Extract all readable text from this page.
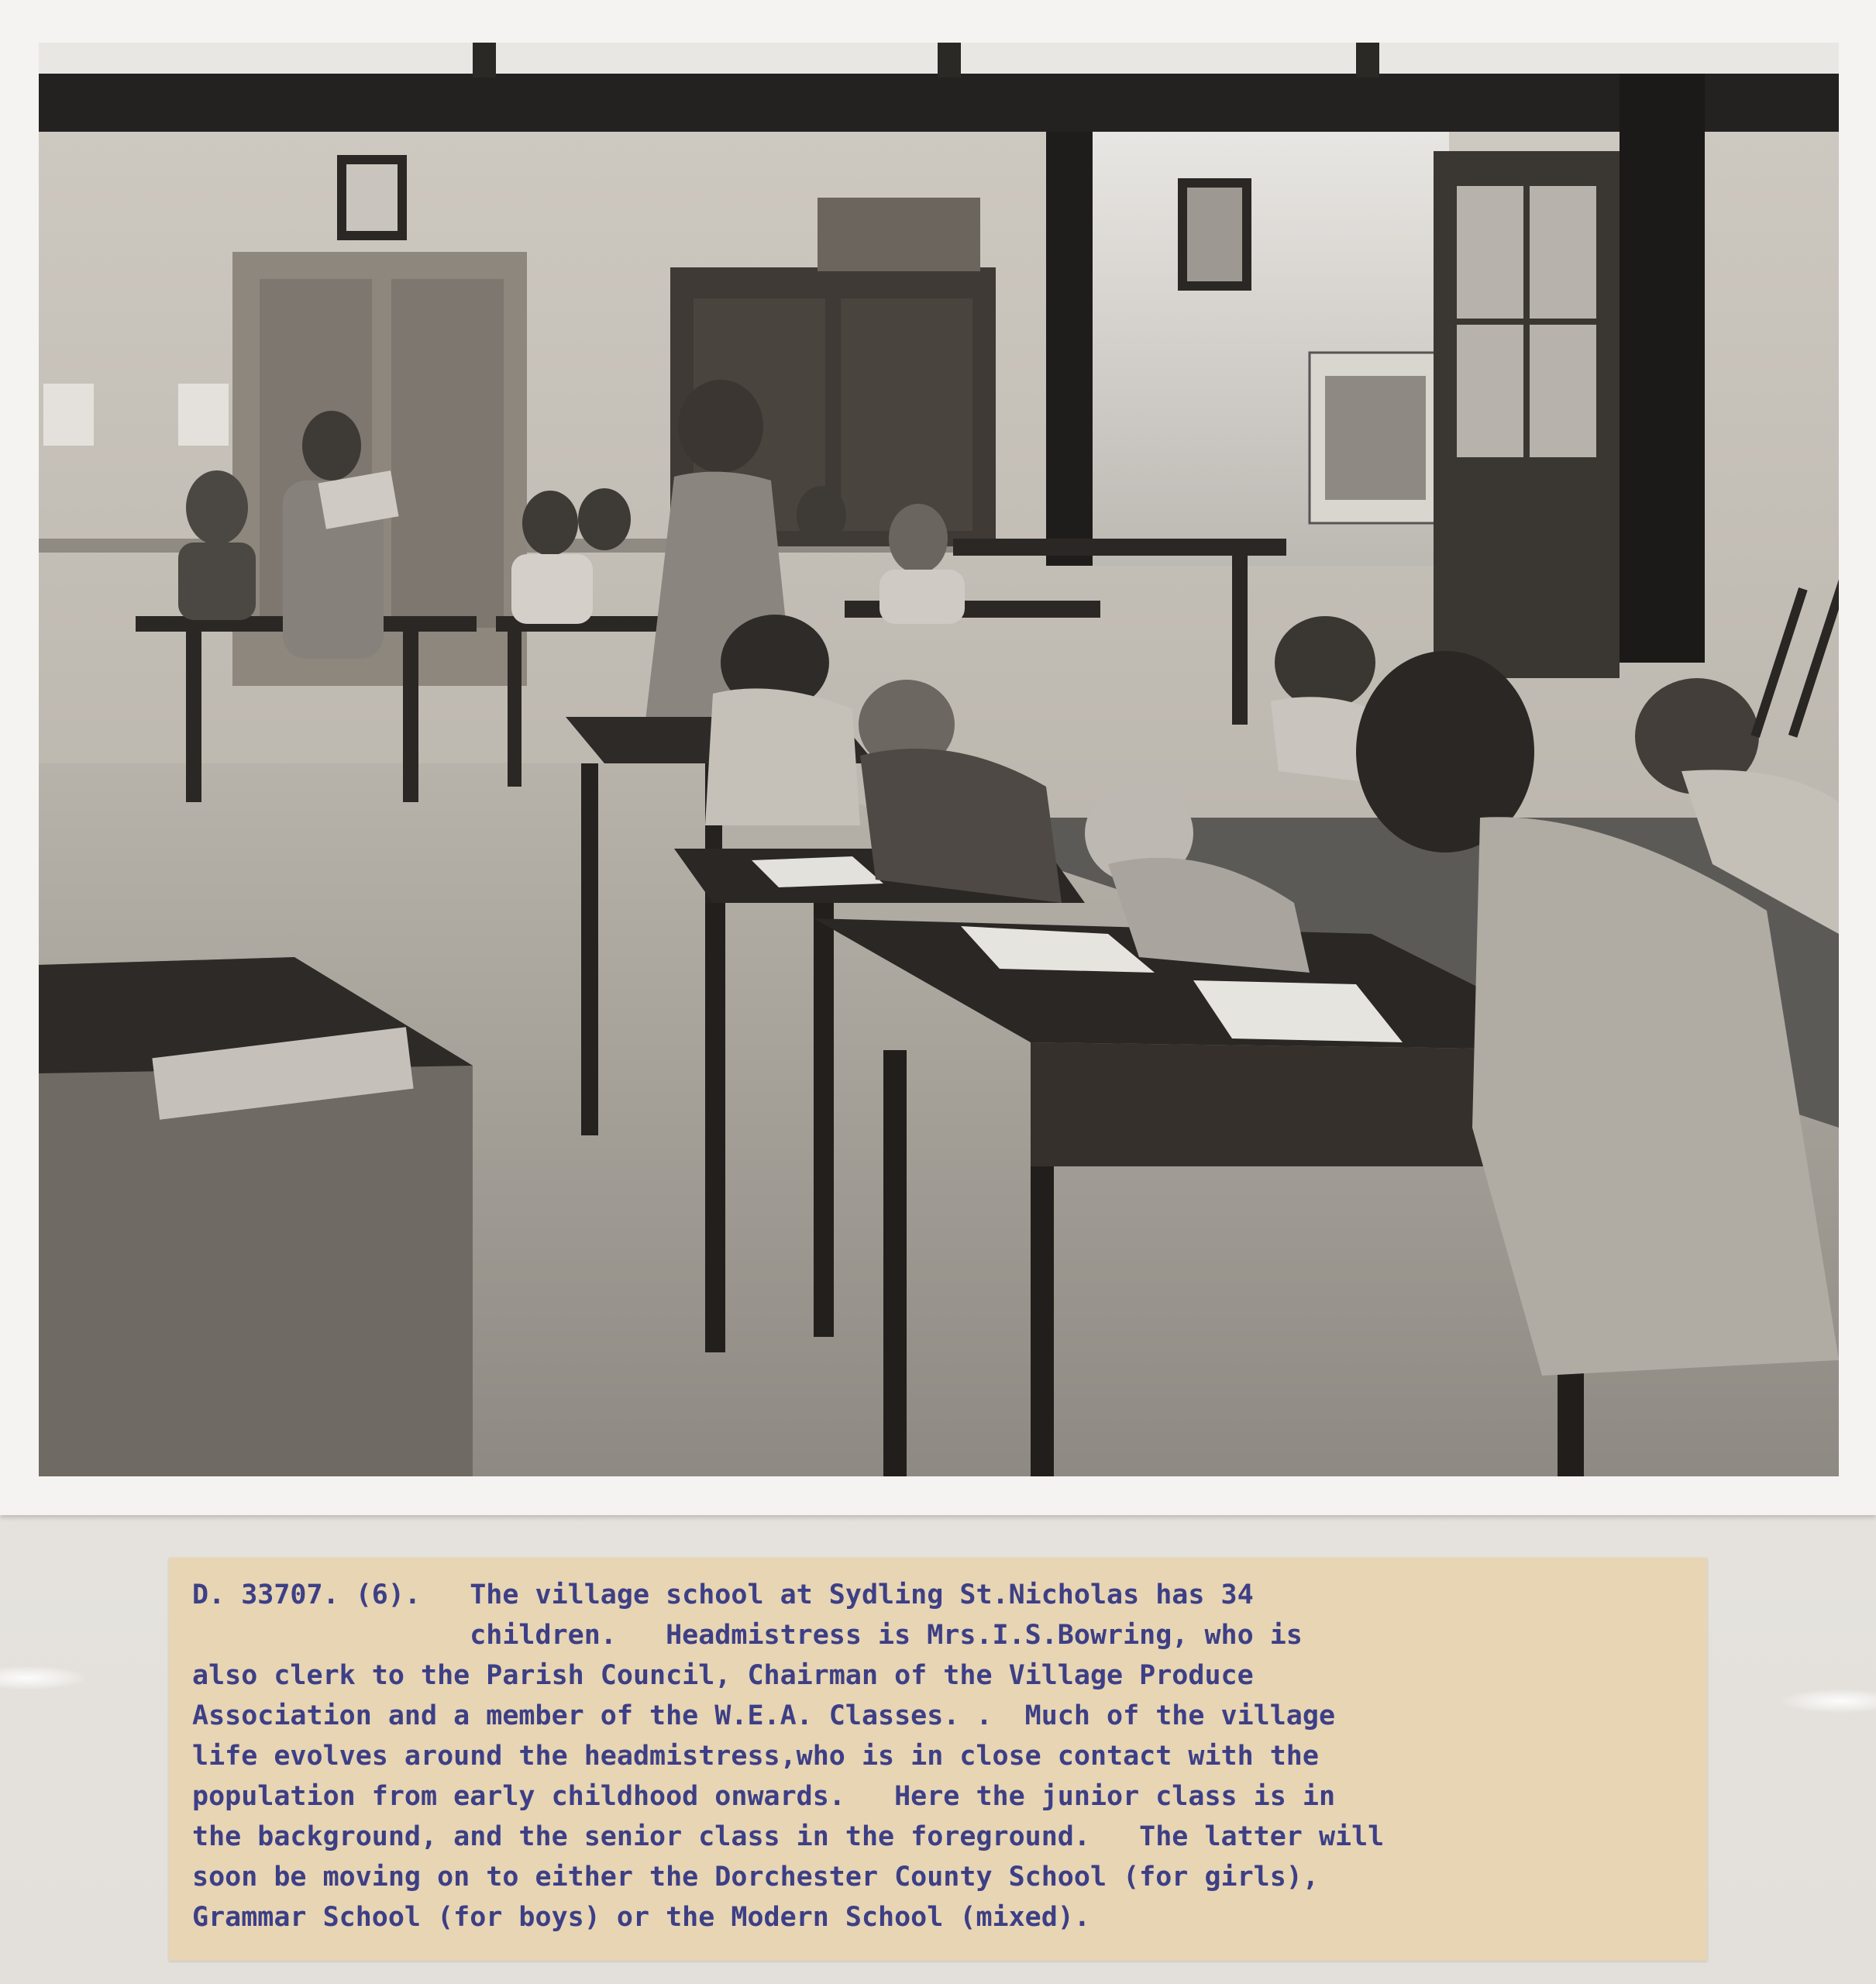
D. 33707. (6).   The village school at Sydling St.Nicholas has 34
children.   Headmistress is Mrs.I.S.Bowring, who is
also clerk to the Parish Council, Chairman of the Village Produce
Association and a member of the W.E.A. Classes. .  Much of the village
life evolves around the headmistress,who is in close contact with the
population from early childhood onwards.   Here the junior class is in
the background, and the senior class in the foreground.   The latter will
soon be moving on to either the Dorchester County School (for girls),
Grammar School (for boys) or the Modern School (mixed).
